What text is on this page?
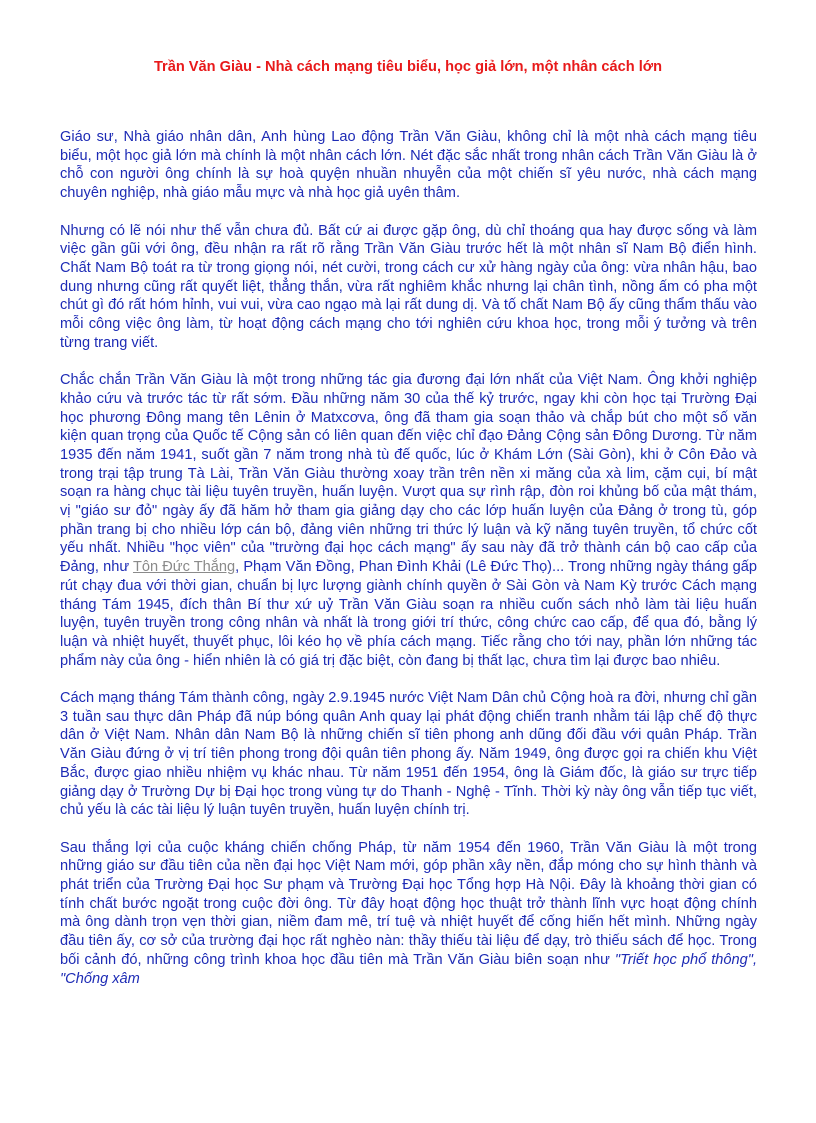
Trần Văn Giàu - Nhà cách mạng tiêu biểu, học giả lớn, một nhân cách lớn

Giáo sư, Nhà giáo nhân dân, Anh hùng Lao động Trần Văn Giàu, không chỉ là một nhà cách mạng tiêu biểu, một học giả lớn mà chính là một nhân cách lớn. Nét đặc sắc nhất trong nhân cách Trần Văn Giàu là ở chỗ con người ông chính là sự hoà quyện nhuần nhuyễn của một chiến sĩ yêu nước, nhà cách mạng chuyên nghiệp, nhà giáo mẫu mực và nhà học giả uyên thâm.

Nhưng có lẽ nói như thế vẫn chưa đủ. Bất cứ ai được gặp ông, dù chỉ thoáng qua hay được sống và làm việc gần gũi với ông, đều nhận ra rất rõ rằng Trần Văn Giàu trước hết là một nhân sĩ Nam Bộ điển hình. Chất Nam Bộ toát ra từ trong giọng nói, nét cười, trong cách cư xử hàng ngày của ông: vừa nhân hậu, bao dung nhưng cũng rất quyết liệt, thẳng thắn, vừa rất nghiêm khắc nhưng lại chân tình, nồng ấm có pha một chút gì đó rất hóm hỉnh, vui vui, vừa cao ngạo mà lại rất dung dị. Và tố chất Nam Bộ ấy cũng thẩm thấu vào mỗi công việc ông làm, từ hoạt động cách mạng cho tới nghiên cứu khoa học, trong mỗi ý tưởng và trên từng trang viết.

Chắc chắn Trần Văn Giàu là một trong những tác gia đương đại lớn nhất của Việt Nam. Ông khởi nghiệp khảo cứu và trước tác từ rất sớm. Đầu những năm 30 của thế kỷ trước, ngay khi còn học tại Trường Đại học phương Đông mang tên Lênin ở Matxcơva, ông đã tham gia soạn thảo và chắp bút cho một số văn kiện quan trọng của Quốc tế Cộng sản có liên quan đến việc chỉ đạo Đảng Cộng sản Đông Dương. Từ năm 1935 đến năm 1941, suốt gần 7 năm trong nhà tù đế quốc, lúc ở Khám Lớn (Sài Gòn), khi ở Côn Đảo và trong trại tập trung Tà Lài, Trần Văn Giàu thường xoay trần trên nền xi măng của xà lim, cặm cụi, bí mật soạn ra hàng chục tài liệu tuyên truyền, huấn luyện. Vượt qua sự rình rập, đòn roi khủng bố của mật thám, vị "giáo sư đỏ" ngày ấy đã hăm hở tham gia giảng dạy cho các lớp huấn luyện của Đảng ở trong tù, góp phần trang bị cho nhiều lớp cán bộ, đảng viên những tri thức lý luận và kỹ năng tuyên truyền, tổ chức cốt yếu nhất. Nhiều "học viên" của "trường đại học cách mạng" ấy sau này đã trở thành cán bộ cao cấp của Đảng, như Tôn Đức Thắng, Phạm Văn Đồng, Phan Đình Khải (Lê Đức Thọ)... Trong những ngày tháng gấp rút chạy đua với thời gian, chuẩn bị lực lượng giành chính quyền ở Sài Gòn và Nam Kỳ trước Cách mạng tháng Tám 1945, đích thân Bí thư xứ uỷ Trần Văn Giàu soạn ra nhiều cuốn sách nhỏ làm tài liệu huấn luyện, tuyên truyền trong công nhân và nhất là trong giới trí thức, công chức cao cấp, để qua đó, bằng lý luận và nhiệt huyết, thuyết phục, lôi kéo họ về phía cách mạng. Tiếc rằng cho tới nay, phần lớn những tác phẩm này của ông - hiển nhiên là có giá trị đặc biệt, còn đang bị thất lạc, chưa tìm lại được bao nhiêu.

Cách mạng tháng Tám thành công, ngày 2.9.1945 nước Việt Nam Dân chủ Cộng hoà ra đời, nhưng chỉ gần 3 tuần sau thực dân Pháp đã núp bóng quân Anh quay lại phát động chiến tranh nhằm tái lập chế độ thực dân ở Việt Nam. Nhân dân Nam Bộ là những chiến sĩ tiên phong anh dũng đối đầu với quân Pháp. Trần Văn Giàu đứng ở vị trí tiên phong trong đội quân tiên phong ấy. Năm 1949, ông được gọi ra chiến khu Việt Bắc, được giao nhiều nhiệm vụ khác nhau. Từ năm 1951 đến 1954, ông là Giám đốc, là giáo sư trực tiếp giảng dạy ở Trường Dự bị Đại học trong vùng tự do Thanh - Nghệ - Tĩnh. Thời kỳ này ông vẫn tiếp tục viết, chủ yếu là các tài liệu lý luận tuyên truyền, huấn luyện chính trị.

Sau thắng lợi của cuộc kháng chiến chống Pháp, từ năm 1954 đến 1960, Trần Văn Giàu là một trong những giáo sư đầu tiên của nền đại học Việt Nam mới, góp phần xây nền, đắp móng cho sự hình thành và phát triển của Trường Đại học Sư phạm và Trường Đại học Tổng hợp Hà Nội. Đây là khoảng thời gian có tính chất bước ngoặt trong cuộc đời ông. Từ đây hoạt động học thuật trở thành lĩnh vực hoạt động chính mà ông dành trọn vẹn thời gian, niềm đam mê, trí tuệ và nhiệt huyết để cống hiến hết mình. Những ngày đầu tiên ấy, cơ sở của trường đại học rất nghèo nàn: thầy thiếu tài liệu để dạy, trò thiếu sách để học. Trong bối cảnh đó, những công trình khoa học đầu tiên mà Trần Văn Giàu biên soạn như "Triết học phổ thông", "Chống xâm
